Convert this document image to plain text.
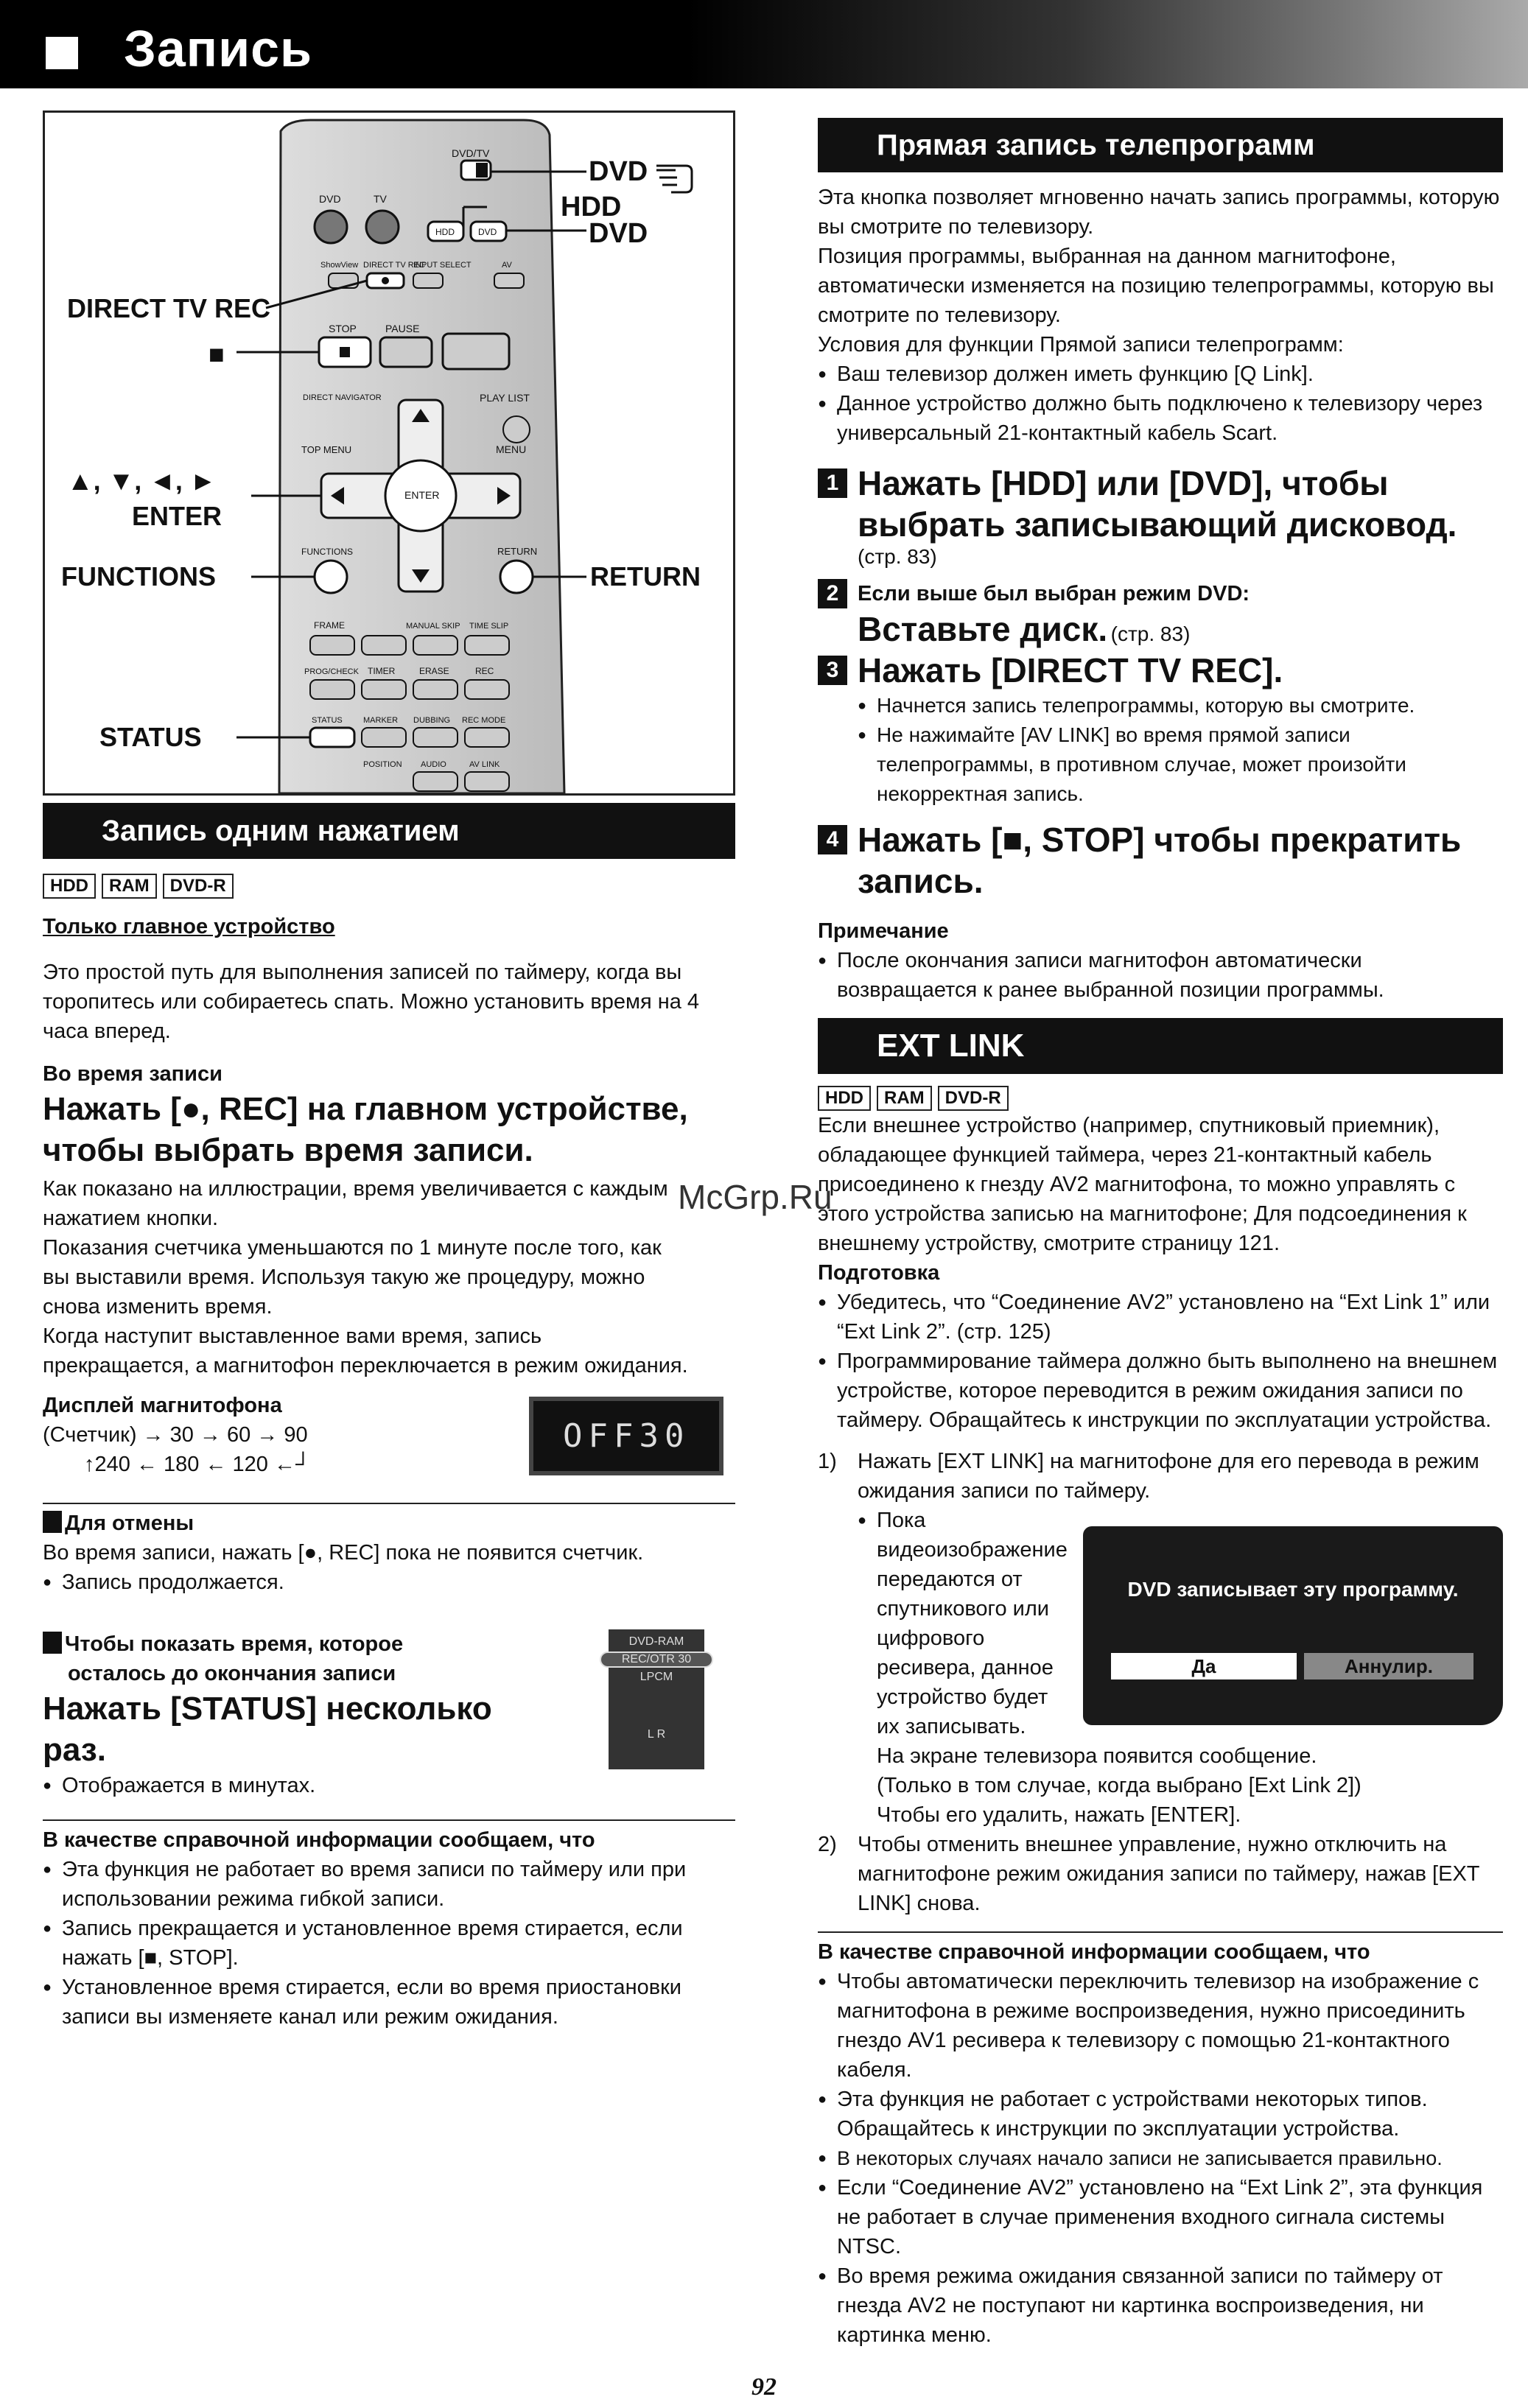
Запись
DVD/TV
DVD	TV
HDD	DVD
ShowView DIRECT TV REC
INPUT SELECT	AV
STOP	PAUSE
DIRECT NAVIGATOR	PLAY LIST
TOP MENU	MENU
ENTER
FUNCTIONS	RETURN
FRAME	MANUAL SKIP TIME SLIP
PROG/CHECK TIMER	ERASE	REC
STATUS	MARKER DUBBING REC MODE
POSITION AUDIO	AV LINK
DVD
HDD
DVD
DIRECT TV REC
■
▲, ▼, ◄, ►
ENTER
FUNCTIONS	RETURN
STATUS
Запись одним нажатием
HDD	RAM	DVD-R
Только главное устройство

Это простой путь для выполнения записей по таймеру, когда вы торопитесь или собираетесь спать. Можно установить время на 4 часа вперед.

Во время записи
Нажать [●, REC] на главном устройстве, чтобы выбрать время записи.

Как показано на иллюстрации, время увеличивается с каждым нажатием кнопки.

Показания счетчика уменьшаются по 1 минуте после того, как вы выставили время. Используя такую же процедуру, можно снова изменить время.

Когда наступит выставленное вами время, запись прекращается, а магнитофон переключается в режим ожидания.

Дисплей магнитофона

(Счетчик) → 30 → 60 → 90

↑240 ← 180 ← 120 ←┘

OFF30
Для отмены

Во время записи, нажать [●, REC] пока не появится счетчик.

● Запись продолжается.
Чтобы показать время, которое
осталось до окончания записи
Нажать [STATUS] несколько раз.
● Отображается в минутах.
DVD-RAM
REC/OTR 30
LPCM
L R
В качестве справочной информации сообщаем, что
● Эта функция не работает во время записи по таймеру или при использовании режима гибкой записи.
● Запись прекращается и установленное время стирается, если нажать [■, STOP].
● Установленное время стирается, если во время приостановки записи вы изменяете канал или режим ожидания.
Прямая запись телепрограмм

Эта кнопка позволяет мгновенно начать запись программы, которую вы смотрите по телевизору.

Позиция программы, выбранная на данном магнитофоне, автоматически изменяется на позицию телепрограммы, которую вы смотрите по телевизору.

Условия для функции Прямой записи телепрограмм:

● Ваш телевизор должен иметь функцию [Q Link].
● Данное устройство должно быть подключено к телевизору через универсальный 21-контактный кабель Scart.
1 Нажать [HDD] или [DVD], чтобы выбрать записывающий дисковод.
(стр. 83)
2 Если выше был выбран режим DVD:
Вставьте диск. (стр. 83)
3 Нажать [DIRECT TV REC].
● Начнется запись телепрограммы, которую вы смотрите.
● Не нажимайте [AV LINK] во время прямой записи телепрограммы, в противном случае, может произойти некорректная запись.
4 Нажать [■, STOP] чтобы прекратить запись.
Примечание
● После окончания записи магнитофон автоматически возвращается к ранее выбранной позиции программы.
EXT LINK
HDD	RAM	DVD-R

Если внешнее устройство (например, спутниковый приемник), обладающее функцией таймера, через 21-контактный кабель присоединено к гнезду AV2 магнитофона, то можно управлять с этого устройства записью на магнитофоне; Для подсоединения к внешнему устройству, смотрите страницу 121.

Подготовка
● Убедитесь, что “Соединение AV2” установлено на “Ext Link 1” или “Ext Link 2”. (стр. 125)
● Программирование таймера должно быть выполнено на внешнем устройстве, которое переводится в режим ожидания записи по таймеру. Обращайтесь к инструкции по эксплуатации устройства.
1) Нажать [EXT LINK] на магнитофоне для его перевода в режим ожидания записи по таймеру.
● Пока видеоизображение передаются от спутникового или цифрового ресивера, данное устройство будет их записывать.
DVD записывает эту программу.
Да	Аннулир.

На экране телевизора появится сообщение.

(Только в том случае, когда выбрано [Ext Link 2])

Чтобы его удалить, нажать [ENTER].

2) Чтобы отменить внешнее управление, нужно отключить на магнитофоне режим ожидания записи по таймеру, нажав [EXT LINK] снова.
В качестве справочной информации сообщаем, что
● Чтобы автоматически переключить телевизор на изображение с магнитофона в режиме воспроизведения, нужно присоединить гнездо AV1 ресивера к телевизору с помощью 21-контактного кабеля.
● Эта функция не работает с устройствами некоторых типов. Обращайтесь к инструкции по эксплуатации устройства.
● В некоторых случаях начало записи не записывается правильно.
● Если “Соединение AV2” установлено на “Ext Link 2”, эта функция не работает в случае применения входного сигнала системы NTSC.
● Во время режима ожидания связанной записи по таймеру от гнезда AV2 не поступают ни картинка воспроизведения, ни картинка меню.
McGrp.Ru
92
